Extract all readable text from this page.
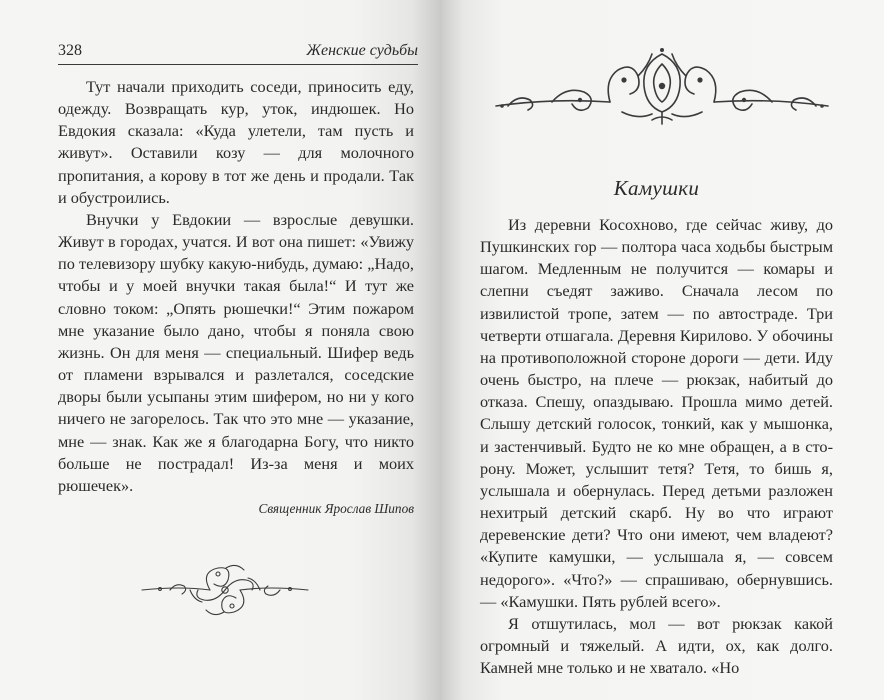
328	Женские судьбы

Тут начали приходить соседи, приносить еду, одежду. Возвращать кур, уток, индюшек. Но Евдокия сказала: «Куда улетели, там пусть и живут». Оставили козу — для молочного пропитания, а корову в тот же день и продали. Так и обустроились.

Внучки у Евдокии — взрослые девушки. Живут в городах, учатся. И вот она пишет: «Увижу по телевизору шубку какую-нибудь, думаю: „Надо, чтобы и у моей внучки такая была!“ И тут же словно током: „Опять рюшечки!“ Этим пожаром мне указание было дано, чтобы я поняла свою жизнь. Он для меня — специальный. Шифер ведь от пламени взрывался и разлетался, соседские дворы были усыпаны этим шифером, но ни у кого ничего не загорелось. Так что это мне — указание, мне — знак. Как же я благодарна Богу, что никто больше не пострадал! Из-за меня и моих рюшечек».

Священник Ярослав Шипов

Камушки

Из деревни Косохново, где сейчас живу, до Пушкинских гор — полтора часа ходьбы быстрым шагом. Медленным не получится — комары и слепни съедят заживо. Сначала лесом по извилистой тропе, затем — по автостраде. Три четверти отшагала. Деревня Кирилово. У обочины на противоположной стороне дороги — дети. Иду очень быстро, на плече — рюкзак, набитый до отказа. Спешу, опаздываю. Прошла мимо детей. Слышу детский голосок, тонкий, как у мышонка, и застенчивый. Будто не ко мне обращен, а в сторону. Может, услышит тетя? Тетя, то бишь я, услышала и обернулась. Перед детьми разложен нехитрый детский скарб. Ну во что играют деревенские дети? Что они имеют, чем владеют? «Купите камушки, — услышала я, — совсем недорого». «Что?» — спрашиваю, обернувшись. — «Камушки. Пять рублей всего».

Я отшутилась, мол — вот рюкзак какой огромный и тяжелый. А идти, ох, как долго. Камней мне только и не хватало. «Но
